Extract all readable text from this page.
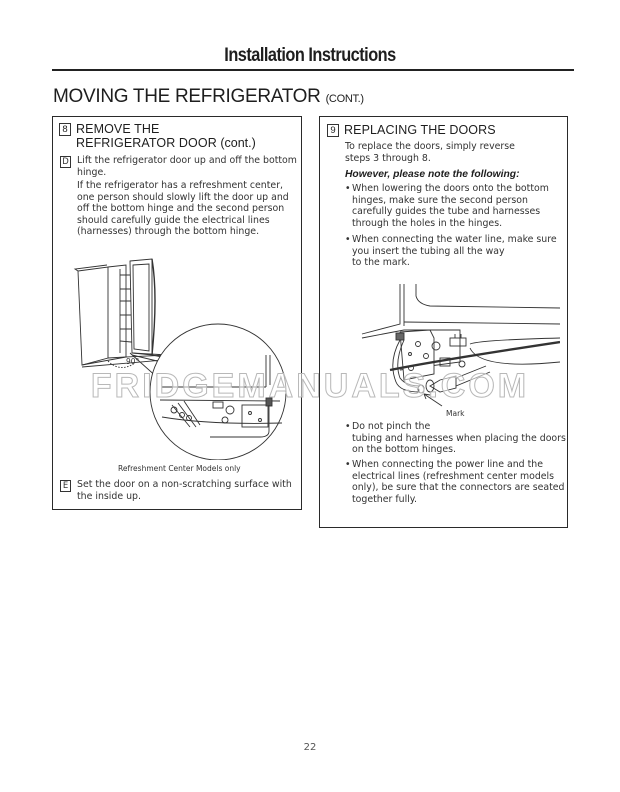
Installation Instructions
MOVING THE REFRIGERATOR (CONT.)
8 REMOVE THE
REFRIGERATOR DOOR (cont.)
D Lift the refrigerator door up and off the bottom
hinge.
If the refrigerator has a refreshment center,
one person should slowly lift the door up and
off the bottom hinge and the second person
should carefully guide the electrical lines
(harnesses) through the bottom hinge.
90°
Refreshment Center Models only
E Set the door on a non-scratching surface with
the inside up.
9 REPLACING THE DOORS
To replace the doors, simply reverse
steps 3 through 8.
However, please note the following:
• When lowering the doors onto the bottom
hinges, make sure the second person
carefully guides the tube and harnesses
through the holes in the hinges.
• When connecting the water line, make sure
you insert the tubing all the way
to the mark.
Mark
• Do not pinch the
tubing and harnesses when placing the doors
on the bottom hinges.
• When connecting the power line and the
electrical lines (refreshment center models
only), be sure that the connectors are seated
together fully.
FRIDGEMANUALS.COM
22
